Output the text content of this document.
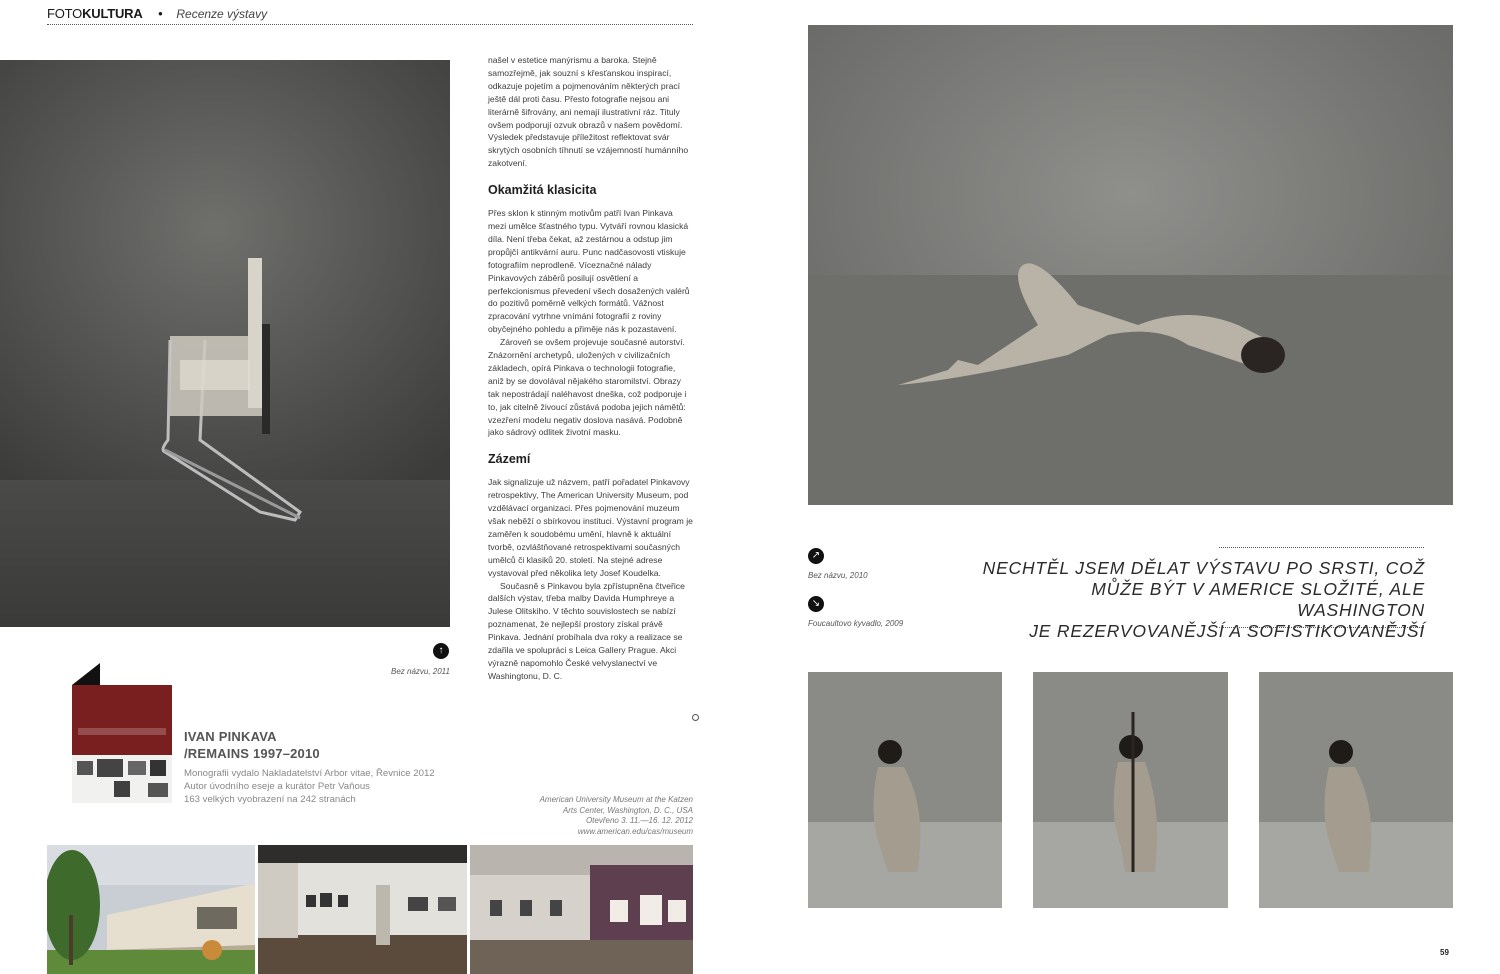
FOTOKULTURA • Recenze výstavy
↑
Bez názvu, 2011
IVAN PINKAVA
/REMAINS 1997–2010
Monografii vydalo Nakladatelství Arbor vitae, Řevnice 2012
Autor úvodního eseje a kurátor Petr Vaňous
163 velkých vyobrazení na 242 stranách

našel v estetice manýrismu a baroka. Stejně samozřejmě, jak souzní s křesťanskou inspirací, odkazuje pojetím a pojmenováním některých prací ještě dál proti času. Přesto fotografie nejsou ani literárně šifrovány, ani nemají ilustrativní ráz. Tituly ovšem podporují ozvuk obrazů v našem povědomí. Výsledek představuje příležitost reflektovat svár skrytých osobních tíhnutí se vzájemností humánního zakotvení.

Okamžitá klasicita

Přes sklon k stinným motivům patří Ivan Pinkava mezi umělce šťastného typu. Vytváří rovnou klasická díla. Není třeba čekat, až zestárnou a odstup jim propůjčí antikvární auru. Punc nadčasovosti vtiskuje fotografiím neprodleně. Víceznačné nálady Pinkavových záběrů posilují osvětlení a perfekcionismus převedení všech dosažených valérů do pozitivů poměrně velkých formátů. Vážnost zpracování vytrhne vnímání fotografií z roviny obyčejného pohledu a přiměje nás k pozastavení.

Zároveň se ovšem projevuje současné autorství. Znázornění archetypů, uložených v civilizačních základech, opírá Pinkava o technologii fotografie, aniž by se dovolával nějakého staromilství. Obrazy tak nepostrádají naléhavost dneška, což podporuje i to, jak citelně živoucí zůstává podoba jejich námětů: vzezření modelu negativ doslova nasává. Podobně jako sádrový odlitek životní masku.

Zázemí

Jak signalizuje už názvem, patří pořadatel Pinkavovy retrospektivy, The American University Museum, pod vzdělávací organizaci. Přes pojmenování muzeum však neběží o sbírkovou instituci. Výstavní program je zaměřen k soudobému umění, hlavně k aktuální tvorbě, ozvláštňované retrospektivami současných umělců či klasiků 20. století. Na stejné adrese vystavoval před několika lety Josef Koudelka.

Současně s Pinkavou byla zpřístupněna čtveřice dalších výstav, třeba malby Davida Humphreye a Julese Olitskiho. V těchto souvislostech se nabízí poznamenat, že nejlepší prostory získal právě Pinkava. Jednání probíhala dva roky a realizace se zdařila ve spolupráci s Leica Gallery Prague. Akci výrazně napomohlo České velvyslanectví ve Washingtonu, D. C.

American University Museum at the Katzen
Arts Center, Washington, D. C., USA
Otevřeno 3. 11.—16. 12. 2012
www.american.edu/cas/museum
↗
Bez názvu, 2010
↘
Foucaultovo kyvadlo, 2009
NECHTĚL JSEM DĚLAT VÝSTAVU PO SRSTI, COŽ
MŮŽE BÝT V AMERICE SLOŽITÉ, ALE WASHINGTON
JE REZERVOVANĚJŠÍ A SOFISTIKOVANĚJŠÍ
59
